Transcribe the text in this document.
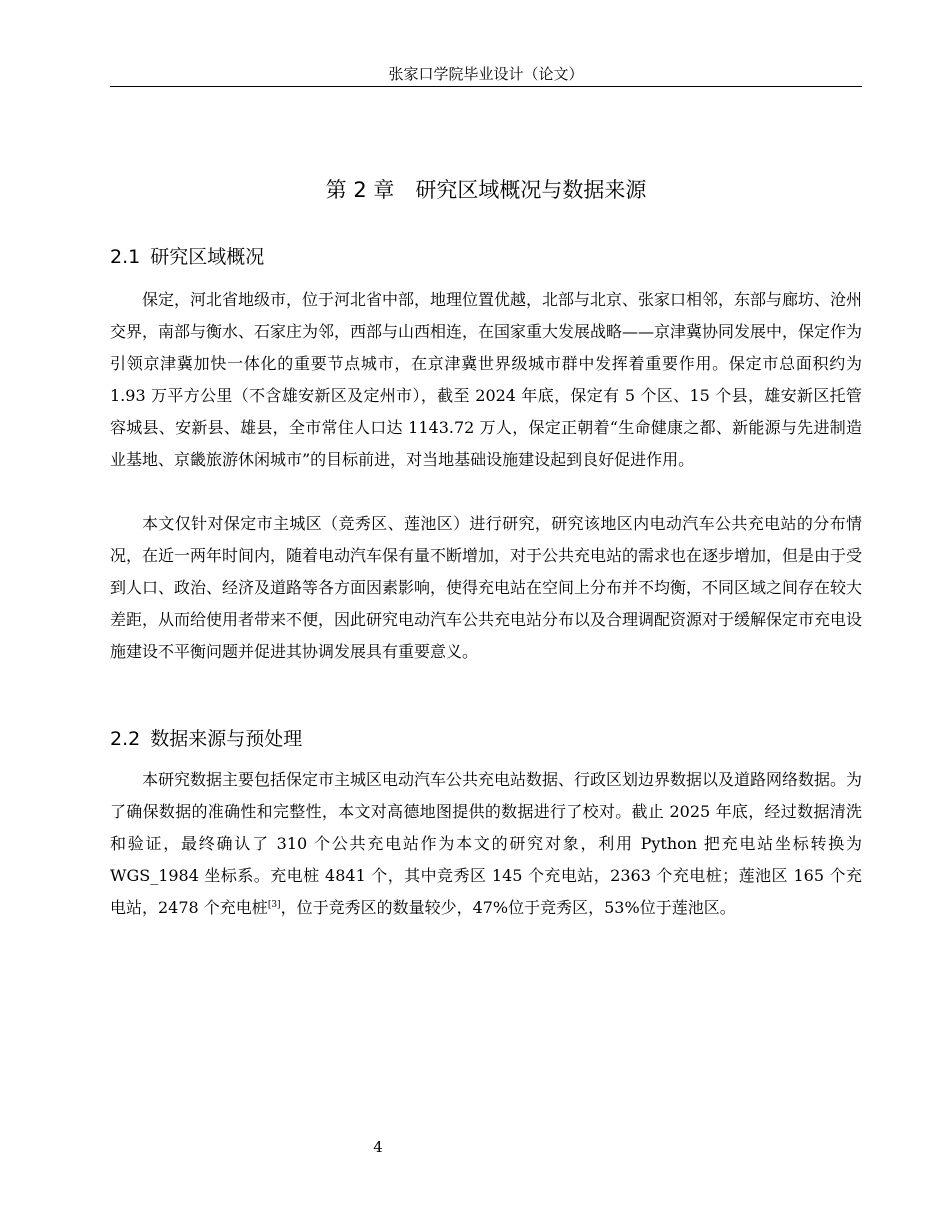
张家口学院毕业设计（论文）
第 2 章　研究区域概况与数据来源
2.1 研究区域概况

保定，河北省地级市，位于河北省中部，地理位置优越，北部与北京、张家口相邻，东部与廊坊、沧州交界，南部与衡水、石家庄为邻，西部与山西相连，在国家重大发展战略——京津冀协同发展中，保定作为引领京津冀加快一体化的重要节点城市，在京津冀世界级城市群中发挥着重要作用。保定市总面积约为 1.93 万平方公里（不含雄安新区及定州市），截至 2024 年底，保定有 5 个区、15 个县，雄安新区托管容城县、安新县、雄县，全市常住人口达 1143.72 万人，保定正朝着“生命健康之都、新能源与先进制造业基地、京畿旅游休闲城市”的目标前进，对当地基础设施建设起到良好促进作用。

本文仅针对保定市主城区（竞秀区、莲池区）进行研究，研究该地区内电动汽车公共充电站的分布情况，在近一两年时间内，随着电动汽车保有量不断增加，对于公共充电站的需求也在逐步增加，但是由于受到人口、政治、经济及道路等各方面因素影响，使得充电站在空间上分布并不均衡，不同区域之间存在较大差距，从而给使用者带来不便，因此研究电动汽车公共充电站分布以及合理调配资源对于缓解保定市充电设施建设不平衡问题并促进其协调发展具有重要意义。

2.2 数据来源与预处理

本研究数据主要包括保定市主城区电动汽车公共充电站数据、行政区划边界数据以及道路网络数据。为了确保数据的准确性和完整性，本文对高德地图提供的数据进行了校对。截止 2025 年底，经过数据清洗和验证，最终确认了 310 个公共充电站作为本文的研究对象，利用 Python 把充电站坐标转换为 WGS_1984 坐标系。充电桩 4841 个，其中竞秀区 145 个充电站，2363 个充电桩；莲池区 165 个充电站，2478 个充电桩[3]，位于竞秀区的数量较少，47%位于竞秀区，53%位于莲池区。

4
